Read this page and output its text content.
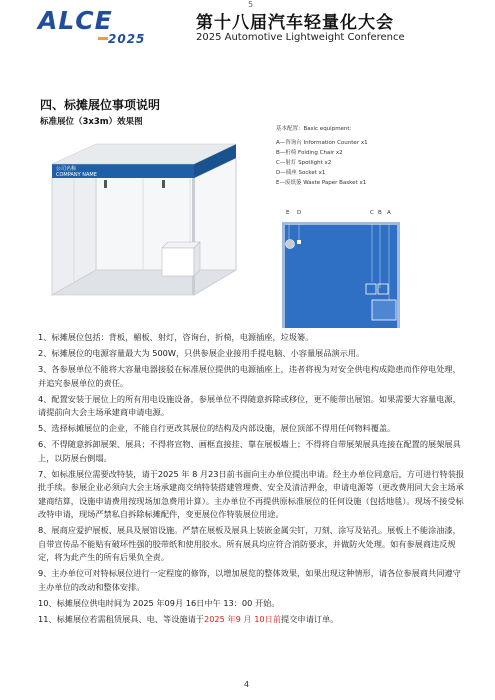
5
ALCE
2025
第十八届汽车轻量化大会
2025 Automotive Lightweight Conference
四、标摊展位事项说明
标准展位（3x3m）效果图
公司名称
COMPANY NAME
基本配置：Basic equipment:
A—咨询台 Information Counter x1
B—折椅 Folding Chair x2
C—射灯 Spotlight x2
D—插座 Socket x1
E—废纸篓 Waste Paper Basket x1
E D	C B A

1、标摊展位包括：背板，楣板、射灯，咨询台，折椅，电源插座，垃圾篓。

2、标摊展位的电源容量最大为 500W，只供参展企业接用手提电脑、小容量展品演示用。

3、各参展单位不能将大容量电器接驳在标准展位提供的电源插座上，违者将视为对安全供电构成隐患而作停电处理，并追究参展单位的责任。

4、配置安装于展位上的所有用电设施设备，参展单位不得随意拆除或移位，更不能带出展馆。如果需要大容量电源，请提前向大会主场承建商申请电源。

5、选择标摊展位的企业，不能自行更改其展位的结构及内部设施，展位顶部不得用任何物料覆盖。

6、不得随意拆卸展架、展具；不得将宣物、画框直接挂、靠在展板墙上；不得将自带展架展具连接在配置的展架展具上，以防展台倒塌。

7、如标准展位需要改特装，请于2025 年 8 月23日前书面向主办单位提出申请。经主办单位同意后，方可进行特装报批手续。参展企业必须向大会主场承建商交纳特装搭建管理费、安全及清洁押金，申请电源等（更改费用同大会主场承建商结算，设施申请费用按现场加急费用计算）。主办单位不再提供原标准展位的任何设施（包括地毯）。现场不接受标改特申请，现场严禁私自拆除标摊配件，变更展位作特装展位用途。

8、展商应爱护展板、展具及展馆设施。严禁在展板及展具上装嵌金属尖钉，刀刻、涂写及钻孔。展板上不能涂油漆，自带宣传品不能贴有破坏性强的胶带纸和使用胶水。所有展具均应符合消防要求，并做防火处理。如有参展商违反规定，将为此产生的所有后果负全责。

9、主办单位可对特标展位进行一定程度的修饰，以增加展览的整体效果，如果出现这种情形，请各位参展商共同遵守主办单位的改动和整体安排。

10、标摊展位供电时间为 2025 年09月 16日中午 13：00 开始。

11、标摊展位若需租赁展具、电、等设施请于2025 年9 月 10日前提交申请订单。

4
